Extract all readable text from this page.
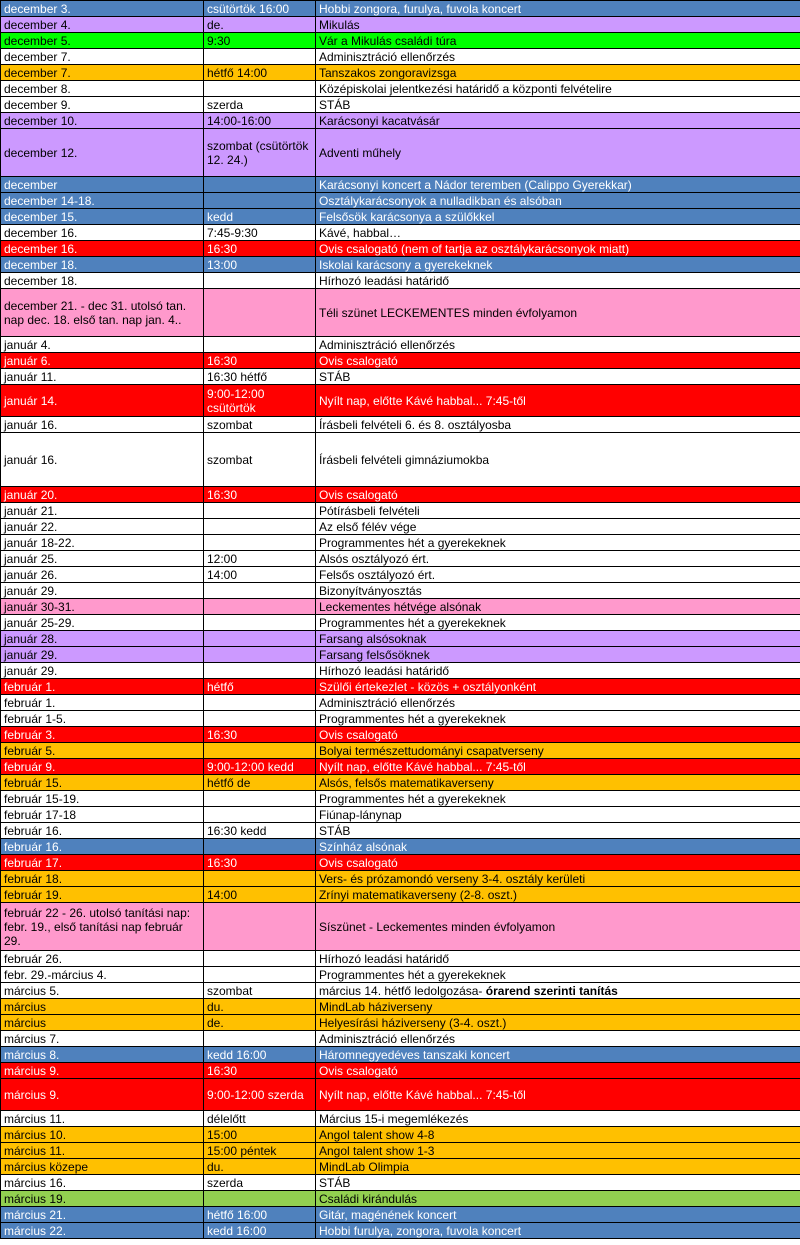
december 3.	csütörtök 16:00	Hobbi zongora, furulya, fuvola koncert
december 4.	de.	Mikulás
december 5.	9:30	Vár a Mikulás családi túra
december 7.		Adminisztráció ellenőrzés
december 7.	hétfő 14:00	Tanszakos zongoravizsga
december 8.		Középiskolai jelentkezési határidő a központi felvételire
december 9.	szerda	STÁB
december 10.	14:00-16:00	Karácsonyi kacatvásár
december 12.	szombat (csütörtök 12. 24.)	Adventi műhely
december		Karácsonyi koncert a Nádor teremben (Calippo Gyerekkar)
december 14-18.		Osztálykarácsonyok a nulladikban és alsóban
december 15.	kedd	Felsősök karácsonya a szülőkkel
december 16.	7:45-9:30	Kávé, habbal…
december 16.	16:30	Ovis csalogató (nem of tartja az osztálykarácsonyok miatt)
december 18.	13:00	Iskolai karácsony a gyerekeknek
december 18.		Hírhozó leadási határidő
december 21. - dec 31. utolsó tan. nap dec. 18. első tan. nap jan. 4..		Téli szünet LECKEMENTES minden évfolyamon
január 4.		Adminisztráció ellenőrzés
január 6.	16:30	Ovis csalogató
január 11.	16:30 hétfő	STÁB
január 14.	9:00-12:00 csütörtök	Nyílt nap, előtte Kávé habbal... 7:45-től
január 16.	szombat	Írásbeli felvételi 6. és 8. osztályosba
január 16.	szombat	Írásbeli felvételi gimnáziumokba
január 20.	16:30	Ovis csalogató
január 21.		Pótírásbeli felvételi
január 22.		Az első félév vége
január 18-22.		Programmentes hét a gyerekeknek
január 25.	12:00	Alsós osztályozó ért.
január 26.	14:00	Felsős osztályozó ért.
január 29.		Bizonyítványosztás
január 30-31.		Leckementes hétvége alsónak
január 25-29.		Programmentes hét a gyerekeknek
január 28.		Farsang alsósoknak
január 29.		Farsang felsősöknek
január 29.		Hírhozó leadási határidő
február 1.	hétfő	Szülői értekezlet - közös + osztályonként
február 1.		Adminisztráció ellenőrzés
február 1-5.		Programmentes hét a gyerekeknek
február 3.	16:30	Ovis csalogató
február 5.		Bolyai természettudományi csapatverseny
február 9.	9:00-12:00 kedd	Nyílt nap, előtte Kávé habbal... 7:45-től
február 15.	hétfő de	Alsós, felsős matematikaverseny
február 15-19.		Programmentes hét a gyerekeknek
február 17-18		Fiúnap-lánynap
február 16.	16:30 kedd	STÁB
február 16.		Színház alsónak
február 17.	16:30	Ovis csalogató
február 18.		Vers- és prózamondó verseny 3-4. osztály kerületi
február 19.	14:00	Zrínyi matematikaverseny (2-8. oszt.)
február 22 - 26. utolsó tanítási nap: febr. 19., első tanítási nap február 29.		Síszünet - Leckementes minden évfolyamon
február 26.		Hírhozó leadási határidő
febr. 29.-március 4.		Programmentes hét a gyerekeknek
március 5.	szombat	március 14. hétfő ledolgozása- órarend szerinti tanítás
március	du.	MindLab háziverseny
március	de.	Helyesírási háziverseny (3-4. oszt.)
március 7.		Adminisztráció ellenőrzés
március 8.	kedd 16:00	Háromnegyedéves tanszaki koncert
március 9.	16:30	Ovis csalogató
március 9.	9:00-12:00 szerda	Nyílt nap, előtte Kávé habbal... 7:45-től
március 11.	délelőtt	Március 15-i megemlékezés
március 10.	15:00	Angol talent show 4-8
március 11.	15:00 péntek	Angol talent show 1-3
március közepe	du.	MindLab Olimpia
március 16.	szerda	STÁB
március 19.		Családi kirándulás
március 21.	hétfő 16:00	Gitár, magénének koncert
március 22.	kedd 16:00	Hobbi furulya, zongora, fuvola koncert
